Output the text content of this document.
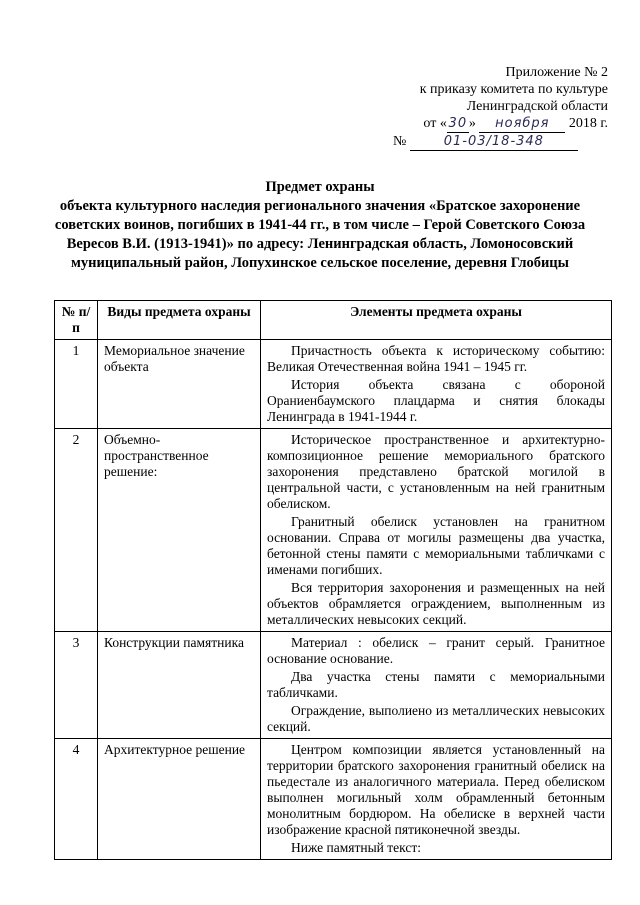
Приложение № 2
к приказу комитета по культуре
Ленинградской области
от « 30 » ноября 2018 г.
№	01-03/18-348
Предмет охраны
объекта культурного наследия регионального значения «Братское захоронение советских воинов, погибших в 1941-44 гг., в том числе – Герой Советского Союза Вересов В.И. (1913-1941)» по адресу: Ленинградская область, Ломоносовский муниципальный район, Лопухинское сельское поселение, деревня Глобицы
№ п/п	Виды предмета охраны	Элементы предмета охраны
1	Мемориальное значение объекта	Причастность объекта к историческому событию: Великая Отечественная война 1941 – 1945 гг.

История объекта связана с обороной Ораниенбаумского плацдарма и снятия блокады Ленинграда в 1941-1944 г.

2	Объемно-пространственное решение:	Историческое пространственное и архитектурно-композиционное решение мемориального братского захоронения представлено братской могилой в центральной части, с установленным на ней гранитным обелиском.

Гранитный обелиск установлен на гранитном основании. Справа от могилы размещены два участка, бетонной стены памяти с мемориальными табличками с именами погибших.

Вся территория захоронения и размещенных на ней объектов обрамляется ограждением, выполненным из металлических невысоких секций.

3	Конструкции памятника	Материал : обелиск – гранит серый. Гранитное основание основание.

Два участка стены памяти с мемориальными табличками.

Ограждение, выполиено из металлических невысоких секций.

4	Архитектурное решение	Центром композиции является установленный на территории братского захоронения гранитный обелиск на пьедестале из аналогичного материала. Перед обелиском выполнен могильный холм обрамленный бетонным монолитным бордюром. На обелиске в верхней части изображение красной пятиконечной звезды.

Ниже памятный текст:
